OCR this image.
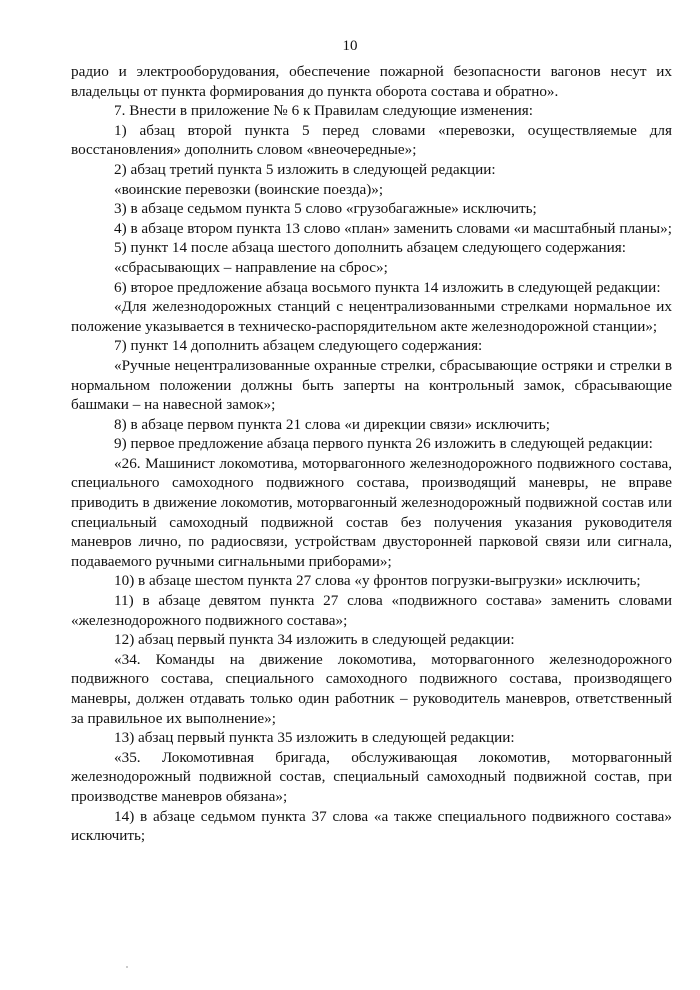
10

радио и электрооборудования, обеспечение пожарной безопасности вагонов несут их владельцы от пункта формирования до пункта оборота состава и обратно».

7. Внести в приложение № 6 к Правилам следующие изменения:

1) абзац второй пункта 5 перед словами «перевозки, осуществляемые для восстановления» дополнить словом «внеочередные»;

2) абзац третий пункта 5 изложить в следующей редакции:

«воинские перевозки (воинские поезда)»;

3) в абзаце седьмом пункта 5 слово «грузобагажные» исключить;

4) в абзаце втором пункта 13 слово «план» заменить словами «и масштабный планы»;

5) пункт 14 после абзаца шестого дополнить абзацем следующего содержания:

«сбрасывающих – направление на сброс»;

6) второе предложение абзаца восьмого пункта 14 изложить в следующей редакции:

«Для железнодорожных станций с нецентрализованными стрелками нормальное их положение указывается в техническо-распорядительном акте железнодорожной станции»;

7) пункт 14 дополнить абзацем следующего содержания:

«Ручные нецентрализованные охранные стрелки, сбрасывающие остряки и стрелки в нормальном положении должны быть заперты на контрольный замок, сбрасывающие башмаки – на навесной замок»;

8) в абзаце первом пункта 21 слова «и дирекции связи» исключить;

9) первое предложение абзаца первого пункта 26 изложить в следующей редакции:

«26. Машинист локомотива, моторвагонного железнодорожного подвижного состава, специального самоходного подвижного состава, производящий маневры, не вправе приводить в движение локомотив, моторвагонный железнодорожный подвижной состав или специальный самоходный подвижной состав без получения указания руководителя маневров лично, по радиосвязи, устройствам двусторонней парковой связи или сигнала, подаваемого ручными сигнальными приборами»;

10) в абзаце шестом пункта 27 слова «у фронтов погрузки-выгрузки» исключить;

11) в абзаце девятом пункта 27 слова «подвижного состава» заменить словами «железнодорожного подвижного состава»;

12) абзац первый пункта 34 изложить в следующей редакции:

«34. Команды на движение локомотива, моторвагонного железнодорожного подвижного состава, специального самоходного подвижного состава, производящего маневры, должен отдавать только один работник – руководитель маневров, ответственный за правильное их выполнение»;

13) абзац первый пункта 35 изложить в следующей редакции:

«35. Локомотивная бригада, обслуживающая локомотив, моторвагонный железнодорожный подвижной состав, специальный самоходный подвижной состав, при производстве маневров обязана»;

14) в абзаце седьмом пункта 37 слова «а также специального подвижного состава» исключить;
